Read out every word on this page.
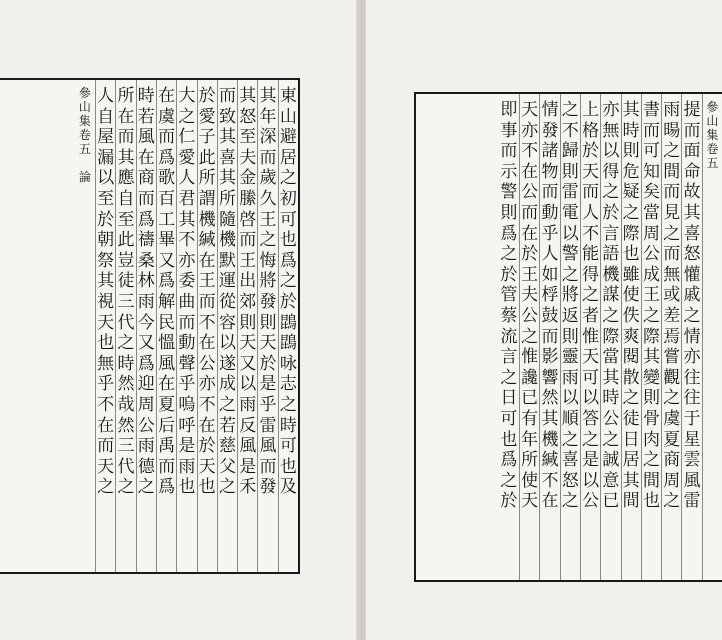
東
山
避
居
之
初
可
也
爲
之
於
鵾
鵾
咏
志
之
時
可
也
及
其
年
深
而
歲
久
王
之
悔
將
發
則
天
於
是
乎
雷
風
而
發
其
怒
至
夫
金
縢
啓
而
王
出
郊
則
天
又
以
雨
反
風
是
禾
而
致
其
喜
其
所
隨
機
默
運
從
容
以
遂
成
之
若
慈
父
之
於
愛
子
此
所
謂
機
緘
在
王
而
不
在
公
亦
不
在
於
天
也
大
之
仁
愛
人
君
其
不
亦
委
曲
而
動
聲
乎
嗚
呼
是
雨
也
在
虞
而
爲
歌
百
工
畢
又
爲
解
民
慍
風
在
夏
后
禹
而
爲
時
若
風
在
商
而
爲
禱
桑
林
雨
今
又
爲
迎
周
公
雨
德
之
所
在
而
其
應
自
至
此
豈
徒
三
代
之
時
然
哉
然
三
代
之
人
自
屋
漏
以
至
於
朝
祭
其
視
天
也
無
乎
不
在
而
天
之
參
山
集
卷
五

論
參
山
集
卷
五
提
而
面
命
故
其
喜
怒
懽
戚
之
情
亦
往
往
于
星
雲
風
雷
雨
暘
之
間
而
見
之
而
無
或
差
焉
嘗
觀
之
虞
夏
商
周
之
書
而
可
知
矣
當
周
公
成
王
之
際
其
變
則
骨
肉
之
間
也
其
時
則
危
疑
之
際
也
雖
使
佚
爽
閱
散
之
徒
日
居
其
間
亦
無
以
得
之
於
言
語
機
謀
之
際
當
其
時
公
之
誠
意
已
上
格
於
天
而
人
不
能
得
之
者
惟
天
可
以
答
之
是
以
公
之
不
歸
則
雷
電
以
警
之
將
返
則
靈
雨
以
順
之
喜
怒
之
情
發
諸
物
而
動
乎
人
如
桴
鼓
而
影
響
然
其
機
緘
不
在
天
亦
不
在
公
而
在
於
王
夫
公
之
惟
讒
已
有
年
所
使
天
即
事
而
示
警
則
爲
之
於
管
蔡
流
言
之
日
可
也
爲
之
於
